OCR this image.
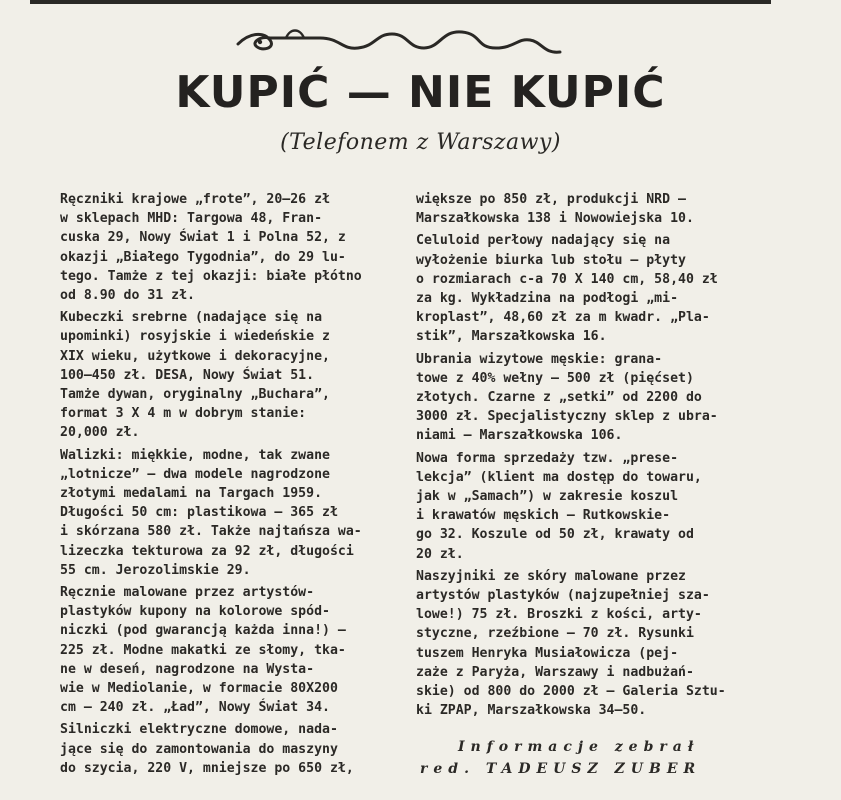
KUPIĆ — NIE KUPIĆ
(Telefonem z Warszawy)
Ręczniki krajowe „frote”, 20—26 zł
w sklepach MHD: Targowa 48, Fran-
cuska 29, Nowy Świat 1 i Polna 52, z
okazji „Białego Tygodnia”, do 29 lu-
tego. Tamże z tej okazji: białe płótno
od 8.90 do 31 zł.
Kubeczki srebrne (nadające się na
upominki) rosyjskie i wiedeńskie z
XIX wieku, użytkowe i dekoracyjne,
100—450 zł. DESA, Nowy Świat 51.
Tamże dywan, oryginalny „Buchara”,
format 3 X 4 m w dobrym stanie:
20,000 zł.
Walizki: miękkie, modne, tak zwane
„lotnicze” — dwa modele nagrodzone
złotymi medalami na Targach 1959.
Długości 50 cm: plastikowa — 365 zł
i skórzana 580 zł. Także najtańsza wa-
lizeczka tekturowa za 92 zł, długości
55 cm. Jerozolimskie 29.
Ręcznie malowane przez artystów-
plastyków kupony na kolorowe spód-
niczki (pod gwarancją każda inna!) —
225 zł. Modne makatki ze słomy, tka-
ne w deseń, nagrodzone na Wysta-
wie w Mediolanie, w formacie 80X200
cm — 240 zł. „Ład”, Nowy Świat 34.
Silniczki elektryczne domowe, nada-
jące się do zamontowania do maszyny
do szycia, 220 V, mniejsze po 650 zł,
większe po 850 zł, produkcji NRD —
Marszałkowska 138 i Nowowiejska 10.
Celuloid perłowy nadający się na
wyłożenie biurka lub stołu — płyty
o rozmiarach c-a 70 X 140 cm, 58,40 zł
za kg. Wykładzina na podłogi „mi-
kroplast”, 48,60 zł za m kwadr. „Pla-
stik”, Marszałkowska 16.
Ubrania wizytowe męskie: grana-
towe z 40% wełny — 500 zł (pięćset)
złotych. Czarne z „setki” od 2200 do
3000 zł. Specjalistyczny sklep z ubra-
niami — Marszałkowska 106.
Nowa forma sprzedaży tzw. „prese-
lekcja” (klient ma dostęp do towaru,
jak w „Samach”) w zakresie koszul
i krawatów męskich — Rutkowskie-
go 32. Koszule od 50 zł, krawaty od
20 zł.
Naszyjniki ze skóry malowane przez
artystów plastyków (najzupełniej sza-
lowe!) 75 zł. Broszki z kości, arty-
styczne, rzeźbione — 70 zł. Rysunki
tuszem Henryka Musiałowicza (pej-
zaże z Paryża, Warszawy i nadbużań-
skie) od 800 do 2000 zł — Galeria Sztu-
ki ZPAP, Marszałkowska 34—50.
Informacje zebrał
red. TADEUSZ ZUBER
